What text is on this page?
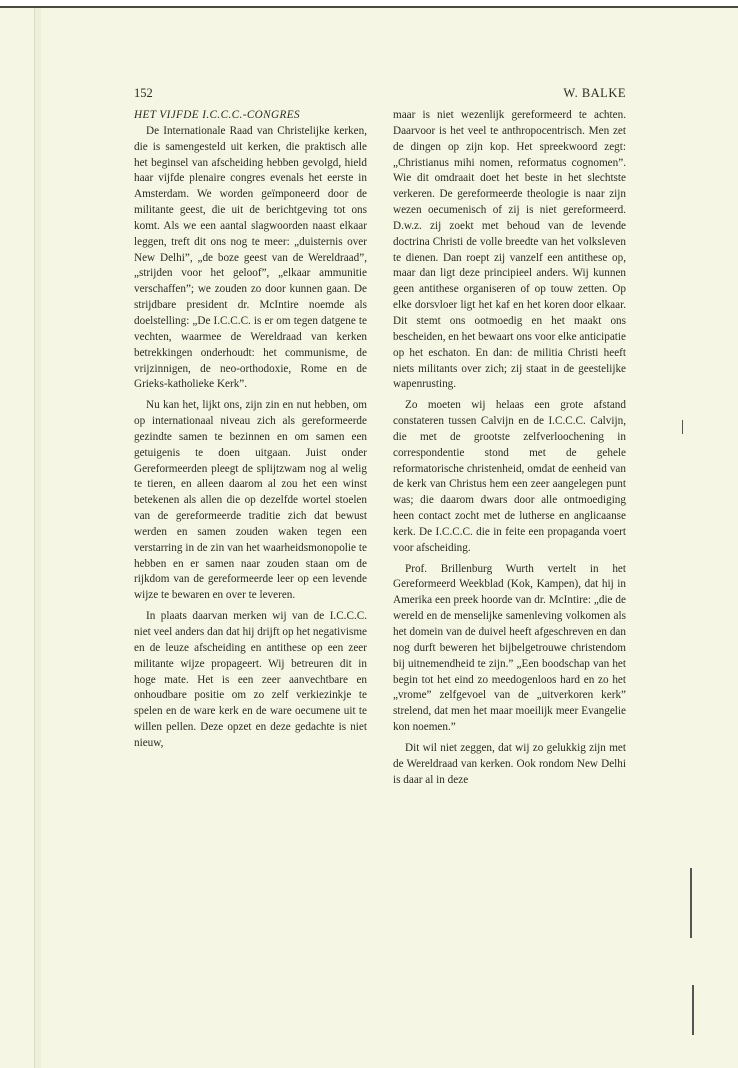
152	W. BALKE
HET VIJFDE I.C.C.C.-CONGRES

De Internationale Raad van Christelijke kerken, die is samengesteld uit kerken, die praktisch alle het beginsel van afscheiding hebben gevolgd, hield haar vijfde plenaire congres evenals het eerste in Amsterdam. We worden geïmponeerd door de militante geest, die uit de berichtgeving tot ons komt. Als we een aantal slagwoorden naast elkaar leggen, treft dit ons nog te meer: „duisternis over New Delhi”, „de boze geest van de Wereldraad”, „strijden voor het geloof”, „elkaar ammunitie verschaffen”; we zouden zo door kunnen gaan. De strijdbare president dr. McIntire noemde als doelstelling: „De I.C.C.C. is er om tegen datgene te vechten, waarmee de Wereldraad van kerken betrekkingen onderhoudt: het communisme, de vrijzinnigen, de neo-orthodoxie, Rome en de Grieks-katholieke Kerk”.

Nu kan het, lijkt ons, zijn zin en nut hebben, om op internationaal niveau zich als gereformeerde gezindte samen te bezinnen en om samen een getuigenis te doen uitgaan. Juist onder Gereformeerden pleegt de splijtzwam nog al welig te tieren, en alleen daarom al zou het een winst betekenen als allen die op dezelfde wortel stoelen van de gereformeerde traditie zich dat bewust werden en samen zouden waken tegen een verstarring in de zin van het waarheidsmonopolie te hebben en er samen naar zouden staan om de rijkdom van de gereformeerde leer op een levende wijze te bewaren en over te leveren.

In plaats daarvan merken wij van de I.C.C.C. niet veel anders dan dat hij drijft op het negativisme en de leuze afscheiding en antithese op een zeer militante wijze propageert. Wij betreuren dit in hoge mate. Het is een zeer aanvechtbare en onhoudbare positie om zo zelf verkiezinkje te spelen en de ware kerk en de ware oecumene uit te willen pellen. Deze opzet en deze gedachte is niet nieuw,

maar is niet wezenlijk gereformeerd te achten. Daarvoor is het veel te anthropocentrisch. Men zet de dingen op zijn kop. Het spreekwoord zegt: „Christianus mihi nomen, reformatus cognomen”. Wie dit omdraait doet het beste in het slechtste verkeren. De gereformeerde theologie is naar zijn wezen oecumenisch of zij is niet gereformeerd. D.w.z. zij zoekt met behoud van de levende doctrina Christi de volle breedte van het volksleven te dienen. Dan roept zij vanzelf een antithese op, maar dan ligt deze principieel anders. Wij kunnen geen antithese organiseren of op touw zetten. Op elke dorsvloer ligt het kaf en het koren door elkaar. Dit stemt ons ootmoedig en het maakt ons bescheiden, en het bewaart ons voor elke anticipatie op het eschaton. En dan: de militia Christi heeft niets militants over zich; zij staat in de geestelijke wapenrusting.

Zo moeten wij helaas een grote afstand constateren tussen Calvijn en de I.C.C.C. Calvijn, die met de grootste zelfverloochening in correspondentie stond met de gehele reformatorische christenheid, omdat de eenheid van de kerk van Christus hem een zeer aangelegen punt was; die daarom dwars door alle ontmoediging heen contact zocht met de lutherse en anglicaanse kerk. De I.C.C.C. die in feite een propaganda voert voor afscheiding.

Prof. Brillenburg Wurth vertelt in het Gereformeerd Weekblad (Kok, Kampen), dat hij in Amerika een preek hoorde van dr. McIntire: „die de wereld en de menselijke samenleving volkomen als het domein van de duivel heeft afgeschreven en dan nog durft beweren het bijbelgetrouwe christendom bij uitnemendheid te zijn.” „Een boodschap van het begin tot het eind zo meedogenloos hard en zo het „vrome” zelfgevoel van de „uitverkoren kerk” strelend, dat men het maar moeilijk meer Evangelie kon noemen.”

Dit wil niet zeggen, dat wij zo gelukkig zijn met de Wereldraad van kerken. Ook rondom New Delhi is daar al in deze
